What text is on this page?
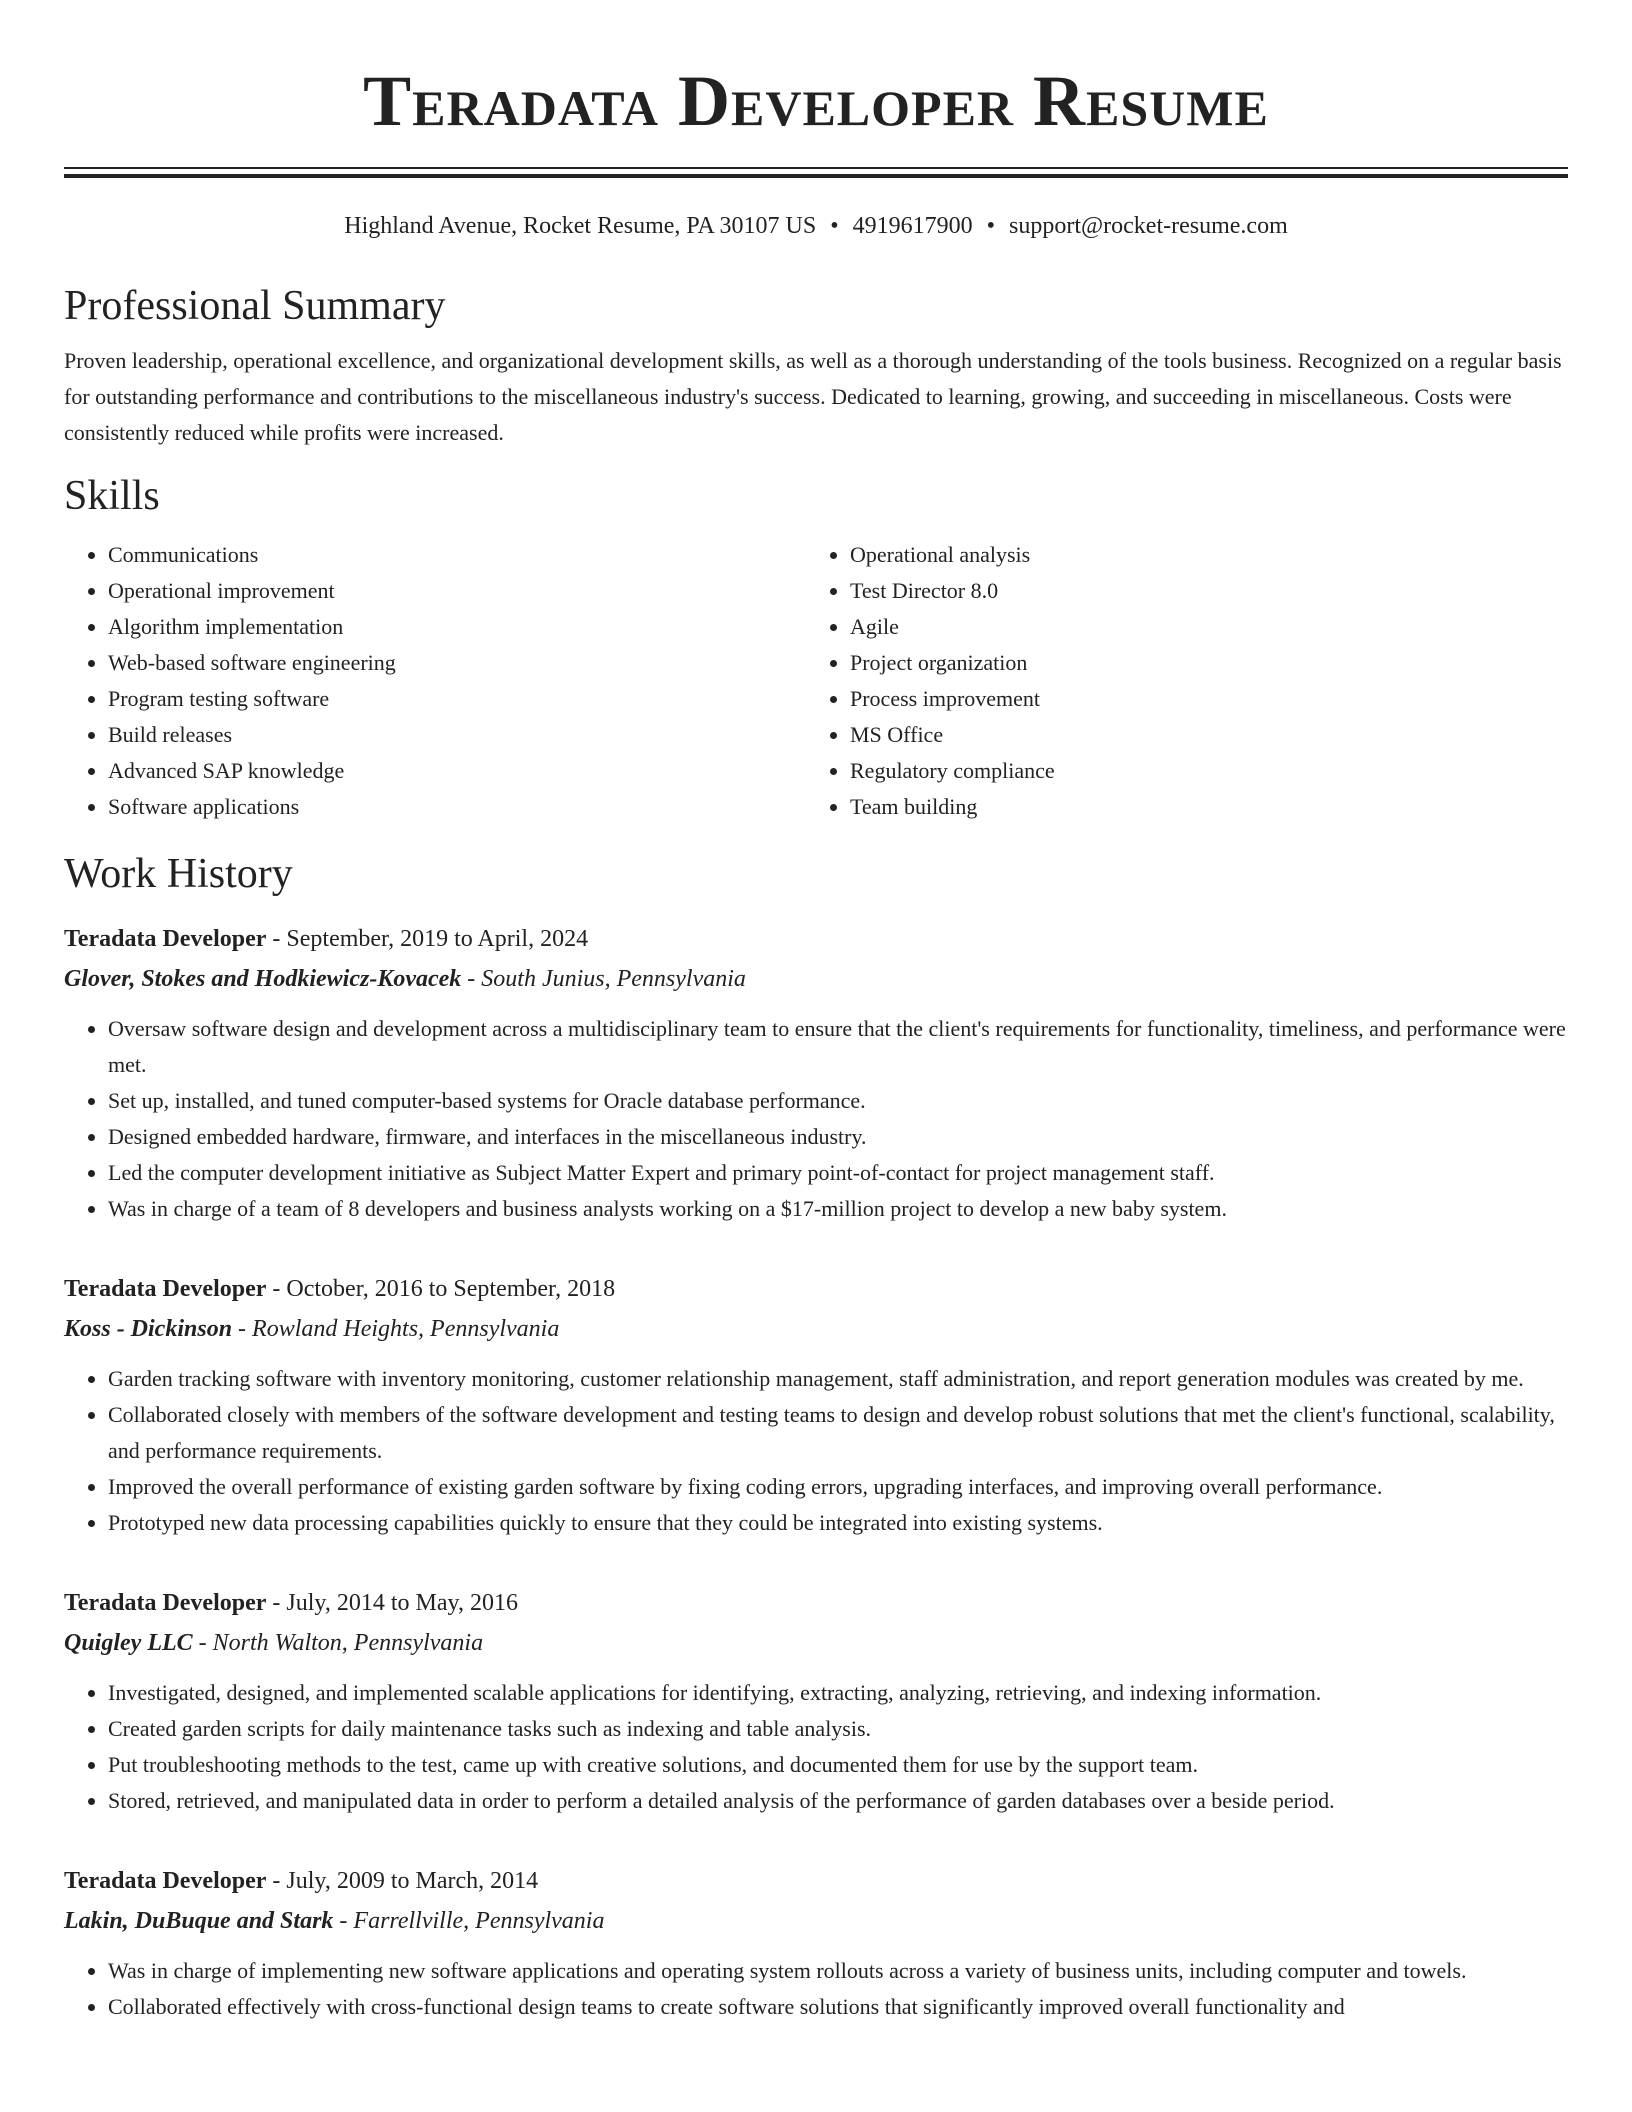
Teradata Developer Resume
Highland Avenue, Rocket Resume, PA 30107 US • 4919617900 • support@rocket-resume.com
Professional Summary

Proven leadership, operational excellence, and organizational development skills, as well as a thorough understanding of the tools business. Recognized on a regular basis for outstanding performance and contributions to the miscellaneous industry's success. Dedicated to learning, growing, and succeeding in miscellaneous. Costs were consistently reduced while profits were increased.

Skills
• Communications
• Operational improvement
• Algorithm implementation
• Web-based software engineering
• Program testing software
• Build releases
• Advanced SAP knowledge
• Software applications
• Operational analysis
• Test Director 8.0
• Agile
• Project organization
• Process improvement
• MS Office
• Regulatory compliance
• Team building
Work History
Teradata Developer - September, 2019 to April, 2024
Glover, Stokes and Hodkiewicz-Kovacek - South Junius, Pennsylvania
• Oversaw software design and development across a multidisciplinary team to ensure that the client's requirements for functionality, timeliness, and performance were met.
• Set up, installed, and tuned computer-based systems for Oracle database performance.
• Designed embedded hardware, firmware, and interfaces in the miscellaneous industry.
• Led the computer development initiative as Subject Matter Expert and primary point-of-contact for project management staff.
• Was in charge of a team of 8 developers and business analysts working on a $17-million project to develop a new baby system.
Teradata Developer - October, 2016 to September, 2018
Koss - Dickinson - Rowland Heights, Pennsylvania
• Garden tracking software with inventory monitoring, customer relationship management, staff administration, and report generation modules was created by me.
• Collaborated closely with members of the software development and testing teams to design and develop robust solutions that met the client's functional, scalability, and performance requirements.
• Improved the overall performance of existing garden software by fixing coding errors, upgrading interfaces, and improving overall performance.
• Prototyped new data processing capabilities quickly to ensure that they could be integrated into existing systems.
Teradata Developer - July, 2014 to May, 2016
Quigley LLC - North Walton, Pennsylvania
• Investigated, designed, and implemented scalable applications for identifying, extracting, analyzing, retrieving, and indexing information.
• Created garden scripts for daily maintenance tasks such as indexing and table analysis.
• Put troubleshooting methods to the test, came up with creative solutions, and documented them for use by the support team.
• Stored, retrieved, and manipulated data in order to perform a detailed analysis of the performance of garden databases over a beside period.
Teradata Developer - July, 2009 to March, 2014
Lakin, DuBuque and Stark - Farrellville, Pennsylvania
• Was in charge of implementing new software applications and operating system rollouts across a variety of business units, including computer and towels.
• Collaborated effectively with cross-functional design teams to create software solutions that significantly improved overall functionality and
